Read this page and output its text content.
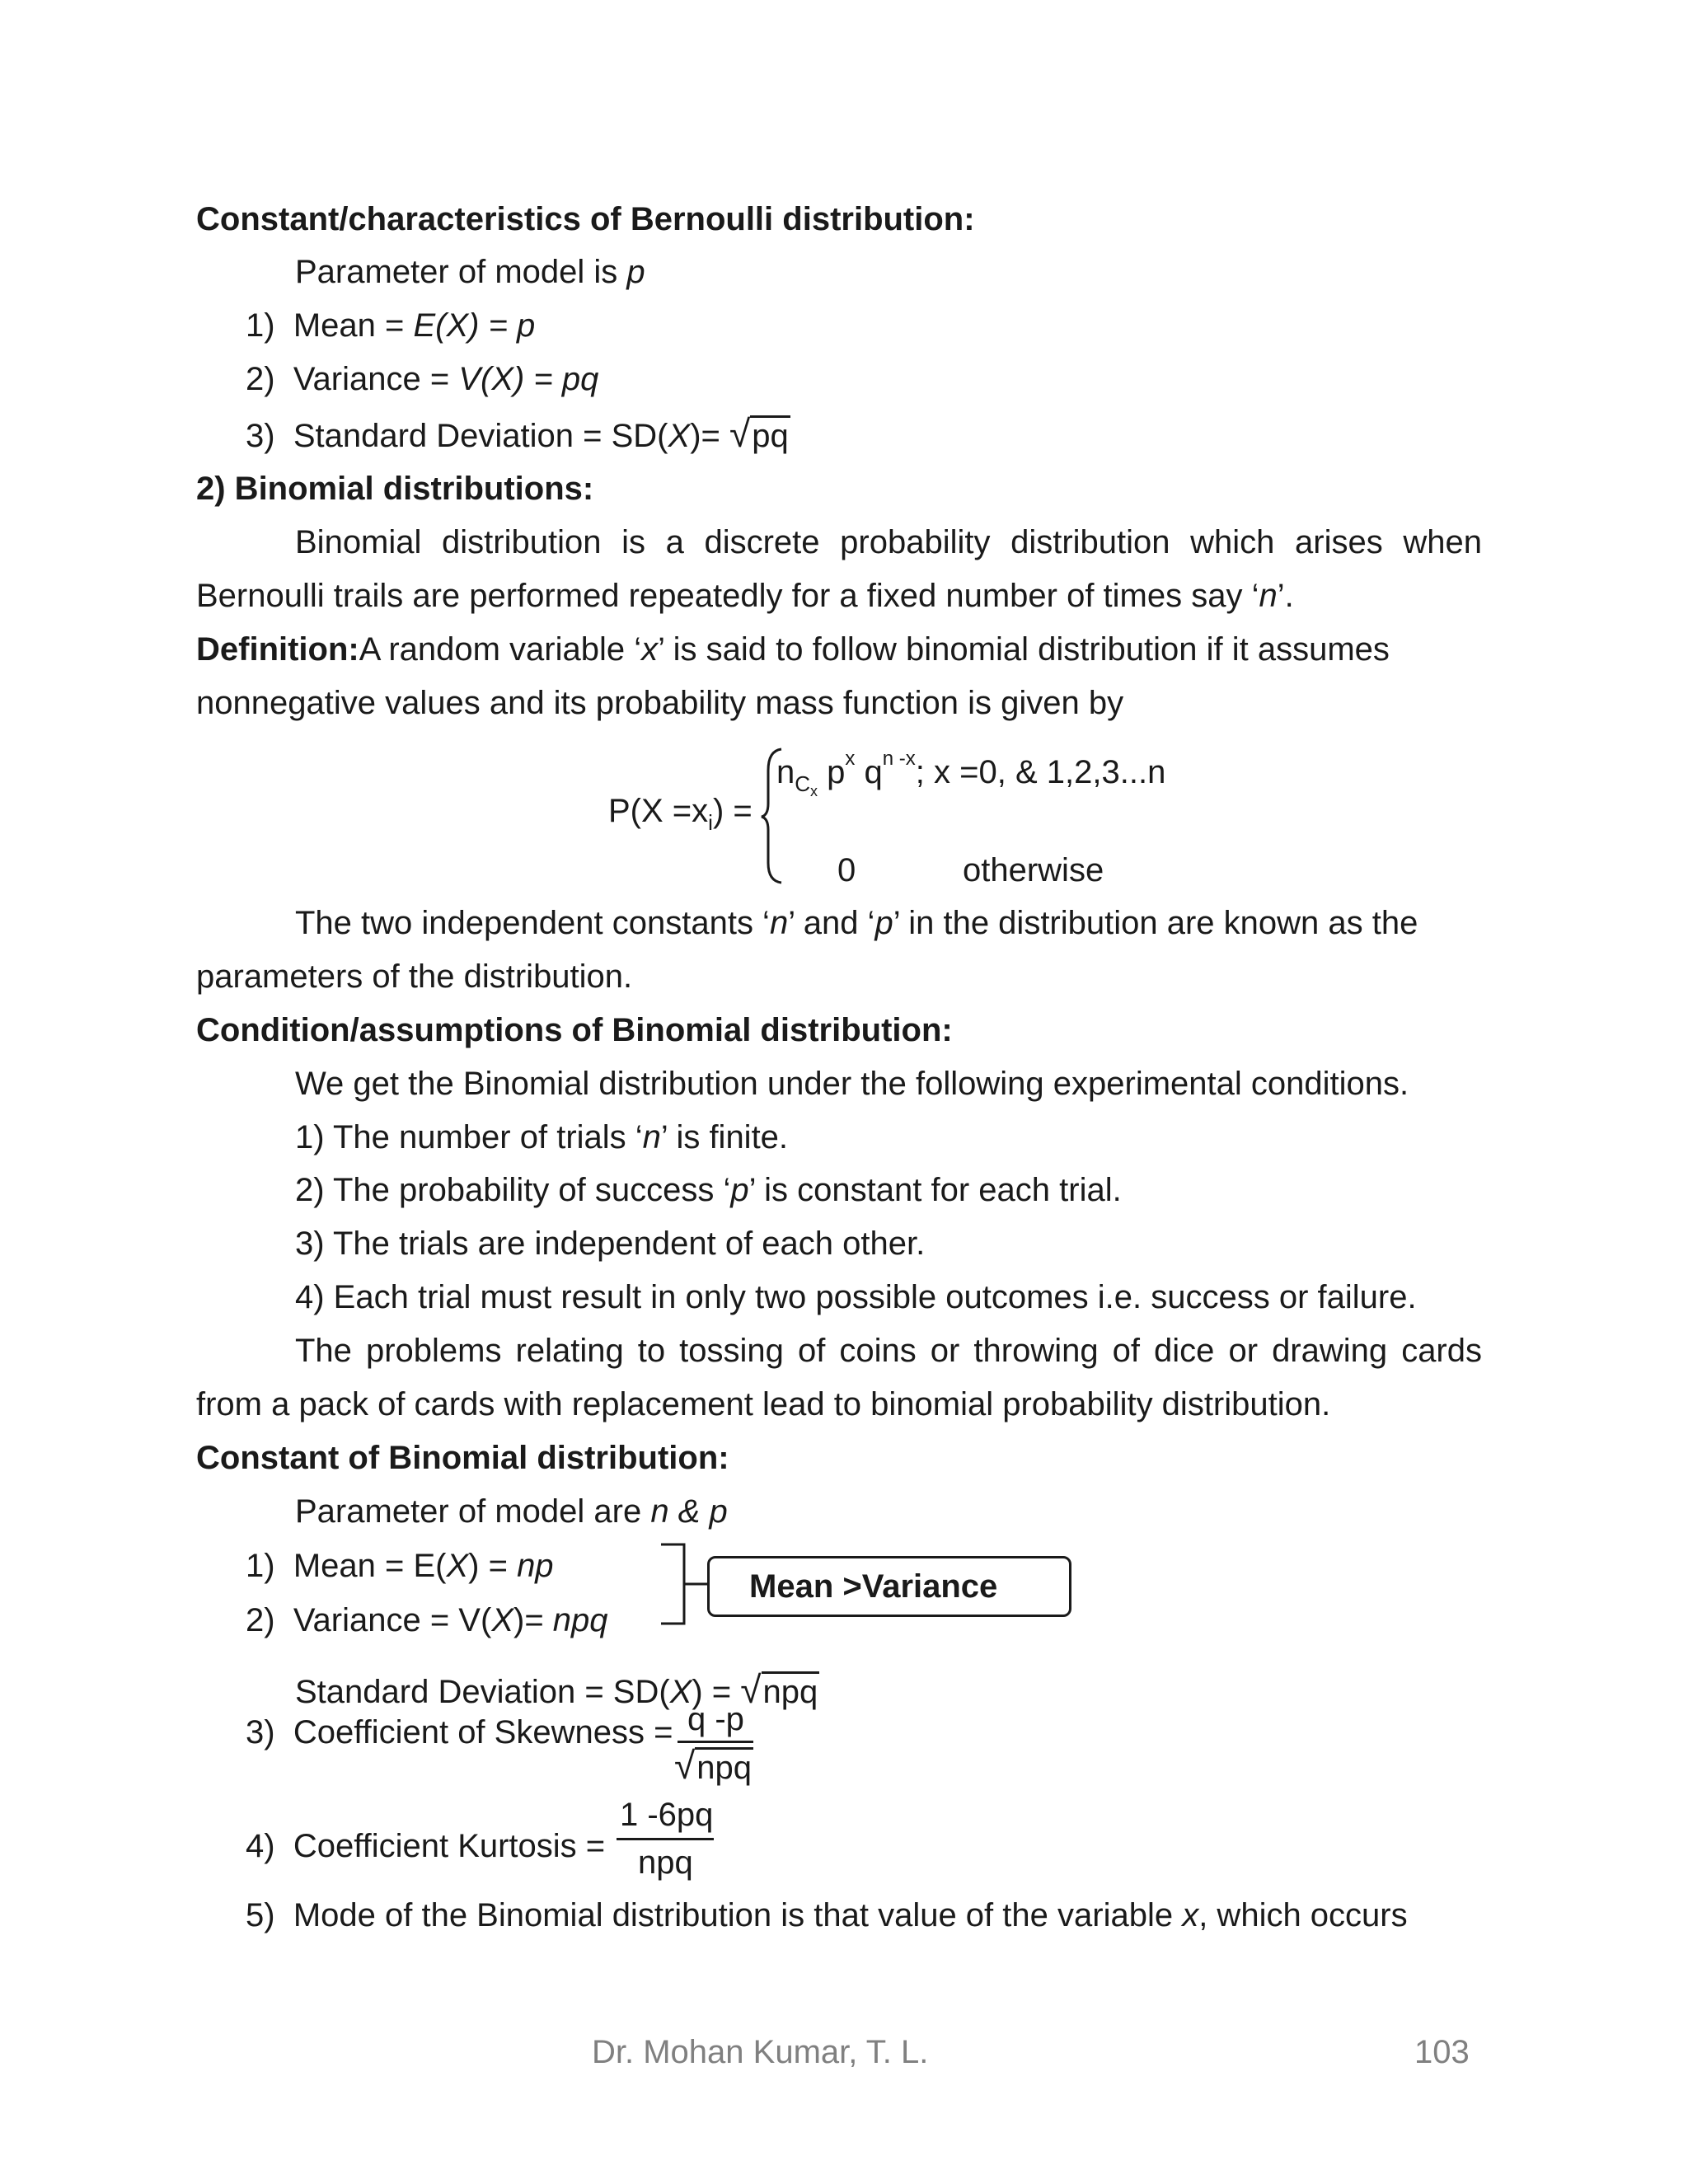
Constant/characteristics of Bernoulli distribution:
Parameter of model is p
1) Mean = E(X) = p
2) Variance = V(X) = pq
3) Standard Deviation = SD(X)= √pq
2) Binomial distributions:
Binomial distribution is a discrete probability distribution which arises when
Bernoulli trails are performed repeatedly for a fixed number of times say ‘n’.
Definition: A random variable ‘x’ is said to follow binomial distribution if it assumes
nonnegative values and its probability mass function is given by
$P(X =x_i)$ =
$n_{Cx}$ $p^x$ $q^{n -x}$; x =0, & 1,2,3...n
0	otherwise
The two independent constants ‘n’ and ‘p’ in the distribution are known as the
parameters of the distribution.
Condition/assumptions of Binomial distribution:
We get the Binomial distribution under the following experimental conditions.
1) The number of trials ‘n’ is finite.
2) The probability of success ‘p’ is constant for each trial.
3) The trials are independent of each other.
4) Each trial must result in only two possible outcomes i.e. success or failure.
The problems relating to tossing of coins or throwing of dice or drawing cards
from a pack of cards with replacement lead to binomial probability distribution.
Constant of Binomial distribution:
Parameter of model are n & p
1) Mean = E(X) = np
2) Variance = V(X)= npq
Mean >Variance
Standard Deviation = SD(X) = √npq
3) Coefficient of Skewness = q -p
√npq
4) Coefficient Kurtosis =
1 -6pq
npq
5)
Mode of the Binomial distribution is that value of the variable x, which occurs
Dr. Mohan Kumar, T. L.	103
